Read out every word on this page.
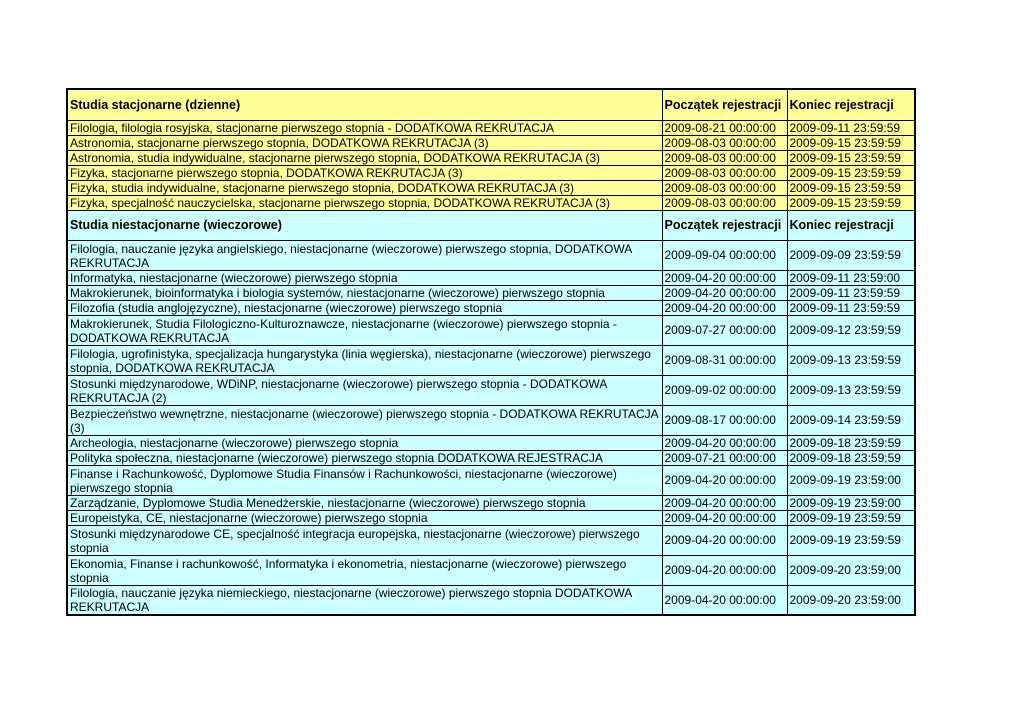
Studia stacjonarne (dzienne)	Początek rejestracji	Koniec rejestracji
Filologia, filologia rosyjska, stacjonarne pierwszego stopnia - DODATKOWA REKRUTACJA	2009-08-21 00:00:00	2009-09-11 23:59:59
Astronomia, stacjonarne pierwszego stopnia, DODATKOWA REKRUTACJA (3)	2009-08-03 00:00:00	2009-09-15 23:59:59
Astronomia, studia indywidualne, stacjonarne pierwszego stopnia, DODATKOWA REKRUTACJA (3)	2009-08-03 00:00:00	2009-09-15 23:59:59
Fizyka, stacjonarne pierwszego stopnia, DODATKOWA REKRUTACJA (3)	2009-08-03 00:00:00	2009-09-15 23:59:59
Fizyka, studia indywidualne, stacjonarne pierwszego stopnia, DODATKOWA REKRUTACJA (3)	2009-08-03 00:00:00	2009-09-15 23:59:59
Fizyka, specjalność nauczycielska, stacjonarne pierwszego stopnia, DODATKOWA REKRUTACJA (3)	2009-08-03 00:00:00	2009-09-15 23:59:59
Studia niestacjonarne (wieczorowe)	Początek rejestracji	Koniec rejestracji
Filologia, nauczanie języka angielskiego, niestacjonarne (wieczorowe) pierwszego stopnia, DODATKOWA REKRUTACJA	2009-09-04 00:00:00	2009-09-09 23:59:59
Informatyka, niestacjonarne (wieczorowe) pierwszego stopnia	2009-04-20 00:00:00	2009-09-11 23:59:00
Makrokierunek, bioinformatyka i biologia systemów, niestacjonarne (wieczorowe) pierwszego stopnia	2009-04-20 00:00:00	2009-09-11 23:59:59
Filozofia (studia anglojęzyczne), niestacjonarne (wieczorowe) pierwszego stopnia	2009-04-20 00:00:00	2009-09-11 23:59:59
Makrokierunek, Studia Filologiczno-Kulturoznawcze, niestacjonarne (wieczorowe) pierwszego stopnia - DODATKOWA REKRUTACJA	2009-07-27 00:00:00	2009-09-12 23:59:59
Filologia, ugrofinistyka, specjalizacja hungarystyka (linia węgierska), niestacjonarne (wieczorowe) pierwszego stopnia, DODATKOWA REKRUTACJA	2009-08-31 00:00:00	2009-09-13 23:59:59
Stosunki międzynarodowe, WDiNP, niestacjonarne (wieczorowe) pierwszego stopnia - DODATKOWA REKRUTACJA (2)	2009-09-02 00:00:00	2009-09-13 23:59:59
Bezpieczeństwo wewnętrzne, niestacjonarne (wieczorowe) pierwszego stopnia - DODATKOWA REKRUTACJA (3)	2009-08-17 00:00:00	2009-09-14 23:59:59
Archeologia, niestacjonarne (wieczorowe) pierwszego stopnia	2009-04-20 00:00:00	2009-09-18 23:59:59
Polityka społeczna, niestacjonarne (wieczorowe) pierwszego stopnia DODATKOWA REJESTRACJA	2009-07-21 00:00:00	2009-09-18 23:59:59
Finanse i Rachunkowość, Dyplomowe Studia Finansów i Rachunkowości, niestacjonarne (wieczorowe) pierwszego stopnia	2009-04-20 00:00:00	2009-09-19 23:59:00
Zarządzanie, Dyplomowe Studia Menedżerskie, niestacjonarne (wieczorowe) pierwszego stopnia	2009-04-20 00:00:00	2009-09-19 23:59:00
Europeistyka, CE, niestacjonarne (wieczorowe) pierwszego stopnia	2009-04-20 00:00:00	2009-09-19 23:59:59
Stosunki międzynarodowe CE, specjalność integracja europejska, niestacjonarne (wieczorowe) pierwszego stopnia	2009-04-20 00:00:00	2009-09-19 23:59:59
Ekonomia, Finanse i rachunkowość, Informatyka i ekonometria, niestacjonarne (wieczorowe) pierwszego stopnia	2009-04-20 00:00:00	2009-09-20 23:59:00
Filologia, nauczanie języka niemieckiego, niestacjonarne (wieczorowe) pierwszego stopnia DODATKOWA REKRUTACJA	2009-04-20 00:00:00	2009-09-20 23:59:00
